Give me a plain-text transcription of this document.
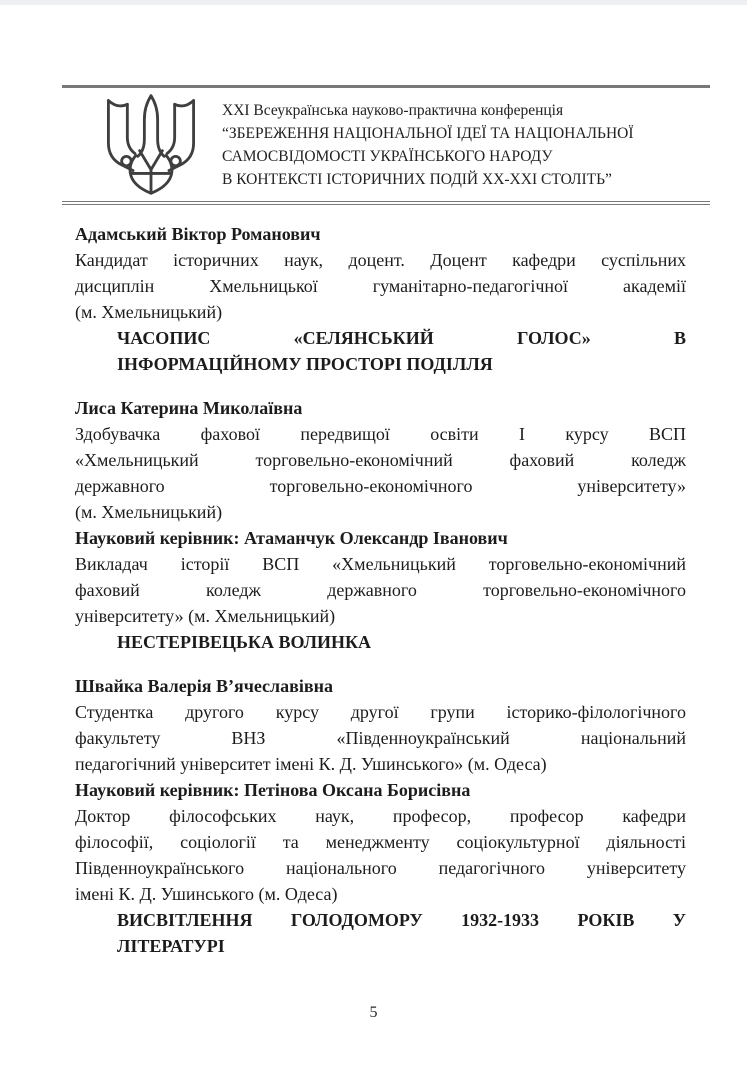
XXI Всеукраїнська науково-практична конференція
“ЗБЕРЕЖЕННЯ НАЦІОНАЛЬНОЇ ІДЕЇ ТА НАЦІОНАЛЬНОЇ
САМОСВІДОМОСТІ УКРАЇНСЬКОГО НАРОДУ
В КОНТЕКСТІ ІСТОРИЧНИХ ПОДІЙ ХХ-ХХІ СТОЛІТЬ”
Адамський Віктор Романович
Кандидат історичних наук, доцент. Доцент кафедри суспільних
дисциплін Хмельницької гуманітарно-педагогічної академії
(м. Хмельницький)
ЧАСОПИС «СЕЛЯНСЬКИЙ ГОЛОС» В
ІНФОРМАЦІЙНОМУ ПРОСТОРІ ПОДІЛЛЯ
Лиса Катерина Миколаївна
Здобувачка фахової передвищої освіти І курсу ВСП
«Хмельницький торговельно-економічний фаховий коледж
державного торговельно-економічного університету»
(м. Хмельницький)
Науковий керівник: Атаманчук Олександр Іванович
Викладач історії ВСП «Хмельницький торговельно-економічний
фаховий коледж державного торговельно-економічного
університету» (м. Хмельницький)
НЕСТЕРІВЕЦЬКА ВОЛИНКА
Швайка Валерія В’ячеславівна
Студентка другого курсу другої групи історико-філологічного
факультету ВНЗ «Південноукраїнський національний
педагогічний університет імені К. Д. Ушинського» (м. Одеса)
Науковий керівник: Петінова Оксана Борисівна
Доктор філософських наук, професор, професор кафедри
філософії, соціології та менеджменту соціокультурної діяльності
Південноукраїнського національного педагогічного університету
імені К. Д. Ушинського (м. Одеса)
ВИСВІТЛЕННЯ ГОЛОДОМОРУ 1932-1933 РОКІВ У
ЛІТЕРАТУРІ
5
